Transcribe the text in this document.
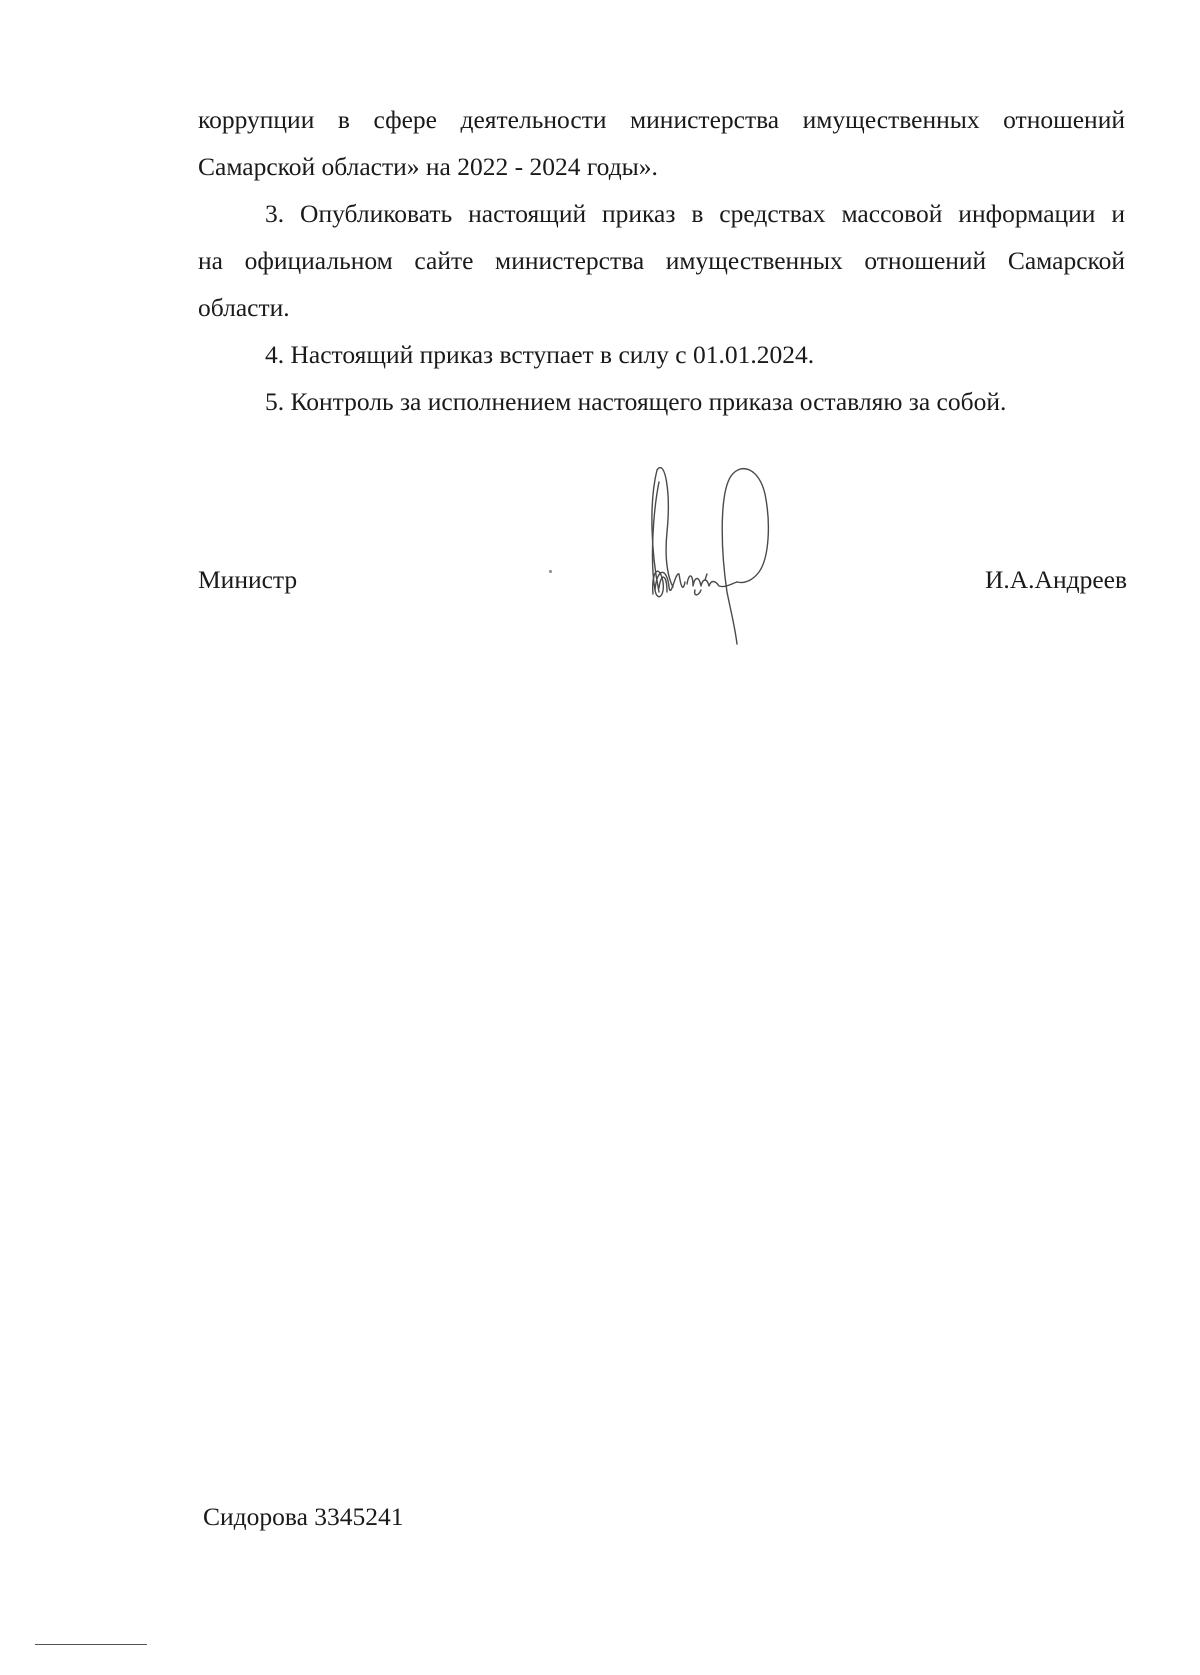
коррупции в сфере деятельности министерства имущественных отношений
Самарской области» на 2022 - 2024 годы».
3. Опубликовать настоящий приказ в средствах массовой информации и
на официальном сайте министерства имущественных отношений Самарской
области.
4. Настоящий приказ вступает в силу с 01.01.2024.
5. Контроль за исполнением настоящего приказа оставляю за собой.
Министр	И.А.Андреев
Сидорова 3345241
